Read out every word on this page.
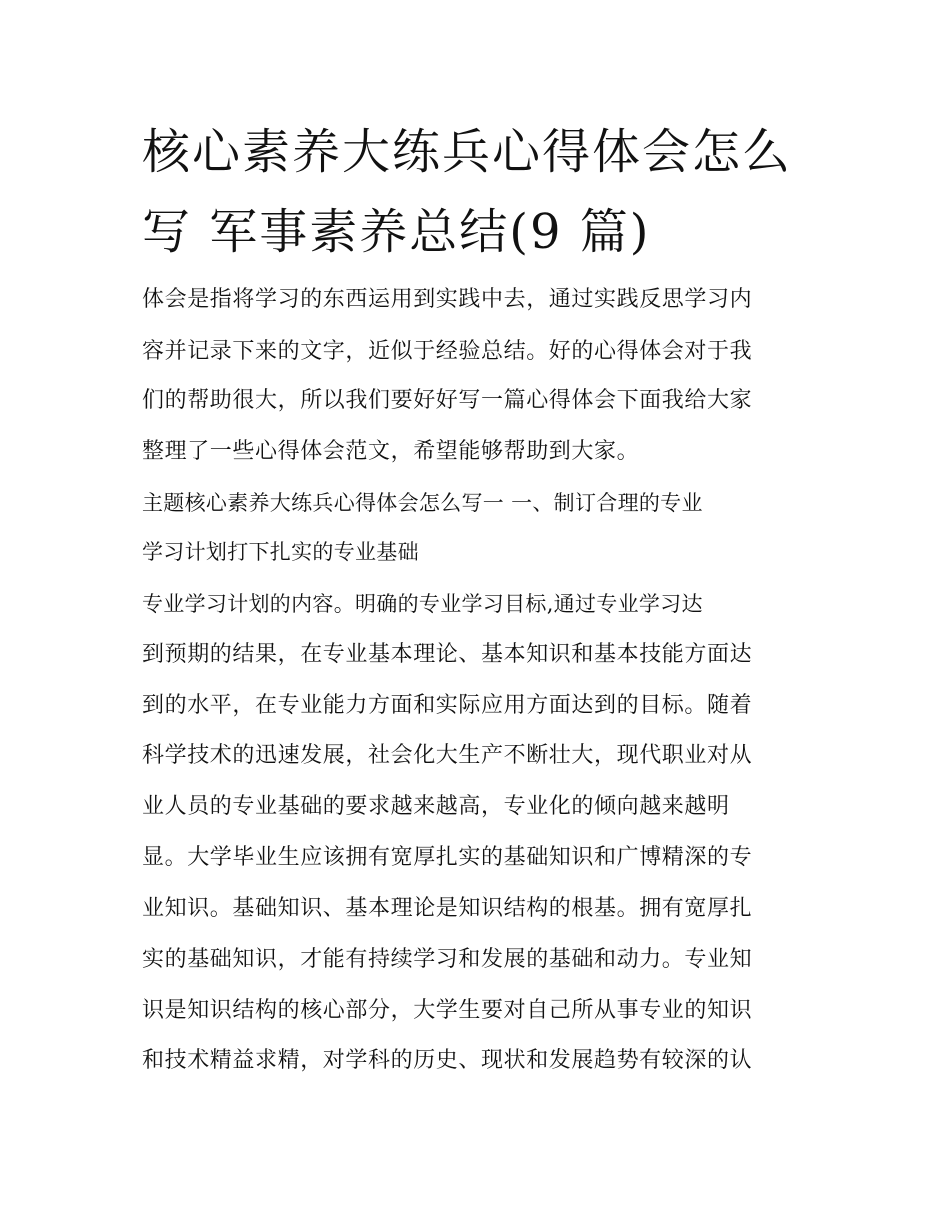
核心素养大练兵心得体会怎么
写 军事素养总结(9 篇)

体会是指将学习的东西运用到实践中去，通过实践反思学习内

容并记录下来的文字，近似于经验总结。好的心得体会对于我

们的帮助很大，所以我们要好好写一篇心得体会下面我给大家

整理了一些心得体会范文，希望能够帮助到大家。

主题核心素养大练兵心得体会怎么写一 一、制订合理的专业

学习计划打下扎实的专业基础

专业学习计划的内容。明确的专业学习目标,通过专业学习达

到预期的结果，在专业基本理论、基本知识和基本技能方面达

到的水平，在专业能力方面和实际应用方面达到的目标。随着

科学技术的迅速发展，社会化大生产不断壮大，现代职业对从

业人员的专业基础的要求越来越高，专业化的倾向越来越明

显。大学毕业生应该拥有宽厚扎实的基础知识和广博精深的专

业知识。基础知识、基本理论是知识结构的根基。拥有宽厚扎

实的基础知识，才能有持续学习和发展的基础和动力。专业知

识是知识结构的核心部分，大学生要对自己所从事专业的知识

和技术精益求精，对学科的历史、现状和发展趋势有较深的认
